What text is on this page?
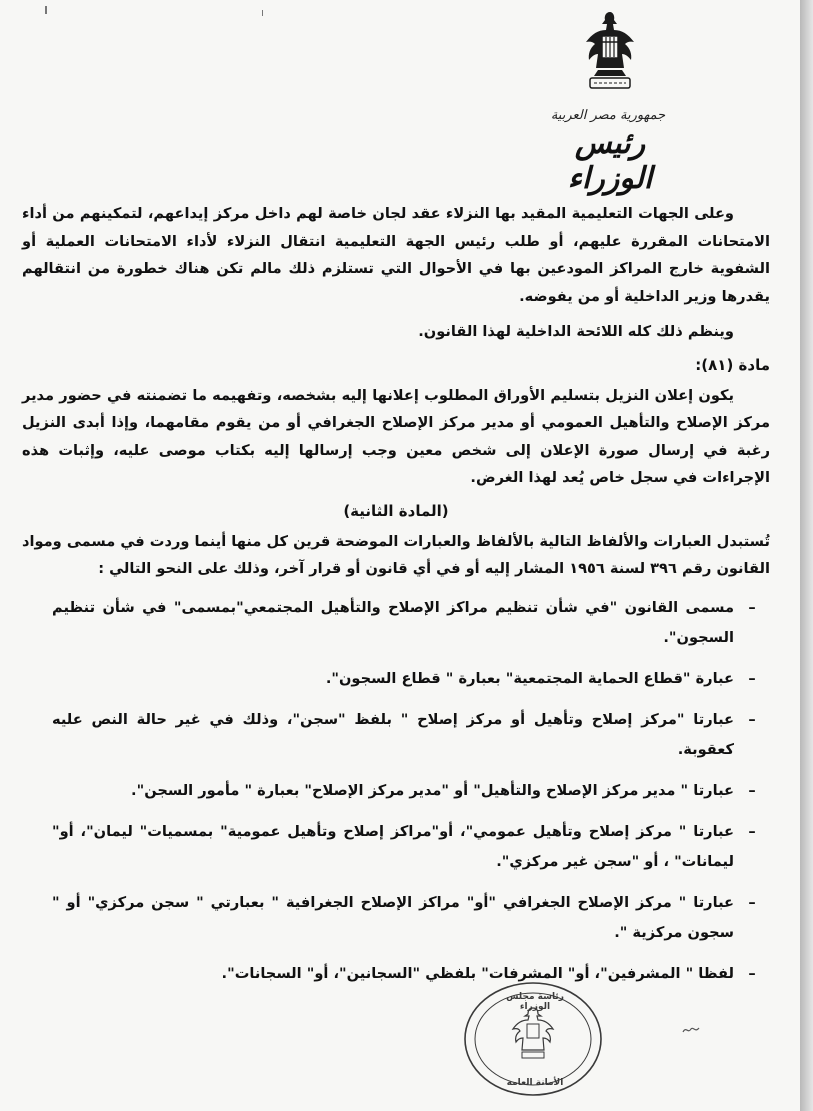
جمهورية مصر العربية
رئيس الوزراء

وعلى الجهات التعليمية المقيد بها النزلاء عقد لجان خاصة لهم داخل مركز إيداعهم، لتمكينهم من أداء الامتحانات المقررة عليهم، أو طلب رئيس الجهة التعليمية انتقال النزلاء لأداء الامتحانات العملية أو الشفوية خارج المراكز المودعين بها في الأحوال التي تستلزم ذلك مالم تكن هناك خطورة من انتقالهم يقدرها وزير الداخلية أو من يفوضه.

وينظم ذلك كله اللائحة الداخلية لهذا القانون.

مادة (٨١):

يكون إعلان النزيل بتسليم الأوراق المطلوب إعلانها إليه بشخصه، وتفهيمه ما تضمنته في حضور مدير مركز الإصلاح والتأهيل العمومي أو مدير مركز الإصلاح الجغرافي أو من يقوم مقامهما، وإذا أبدى النزيل رغبة في إرسال صورة الإعلان إلى شخص معين وجب إرسالها إليه بكتاب موصى عليه، وإثبات هذه الإجراءات في سجل خاص يُعد لهذا الغرض.

(المادة الثانية)

تُستبدل العبارات والألفاظ التالية بالألفاظ والعبارات الموضحة قرين كل منها أينما وردت في مسمى ومواد القانون رقم ٣٩٦ لسنة ١٩٥٦ المشار إليه أو في أي قانون أو قرار آخر، وذلك على النحو التالي :

–
مسمى القانون "في شأن تنظيم مراكز الإصلاح والتأهيل المجتمعي"بمسمى" في شأن تنظيم السجون".
–
عبارة "قطاع الحماية المجتمعية" بعبارة " قطاع السجون".
–
عبارتا "مركز إصلاح وتأهيل أو مركز إصلاح " بلفظ "سجن"، وذلك في غير حالة النص عليه كعقوبة.
–
عبارتا " مدير مركز الإصلاح والتأهيل" أو "مدير مركز الإصلاح" بعبارة " مأمور السجن".
–
عبارتا " مركز إصلاح وتأهيل عمومي"، أو"مراكز إصلاح وتأهيل عمومية" بمسميات" ليمان"، أو" ليمانات" ، أو "سجن غير مركزي".
–
عبارتا " مركز الإصلاح الجغرافي "أو" مراكز الإصلاح الجغرافية " بعبارتي " سجن مركزي" أو " سجون مركزية ".
–
لفظا " المشرفين"، أو" المشرفات" بلفظي "السجانين"، أو" السجانات".
رئاسة مجلس الوزراء
الأمانة العامة
